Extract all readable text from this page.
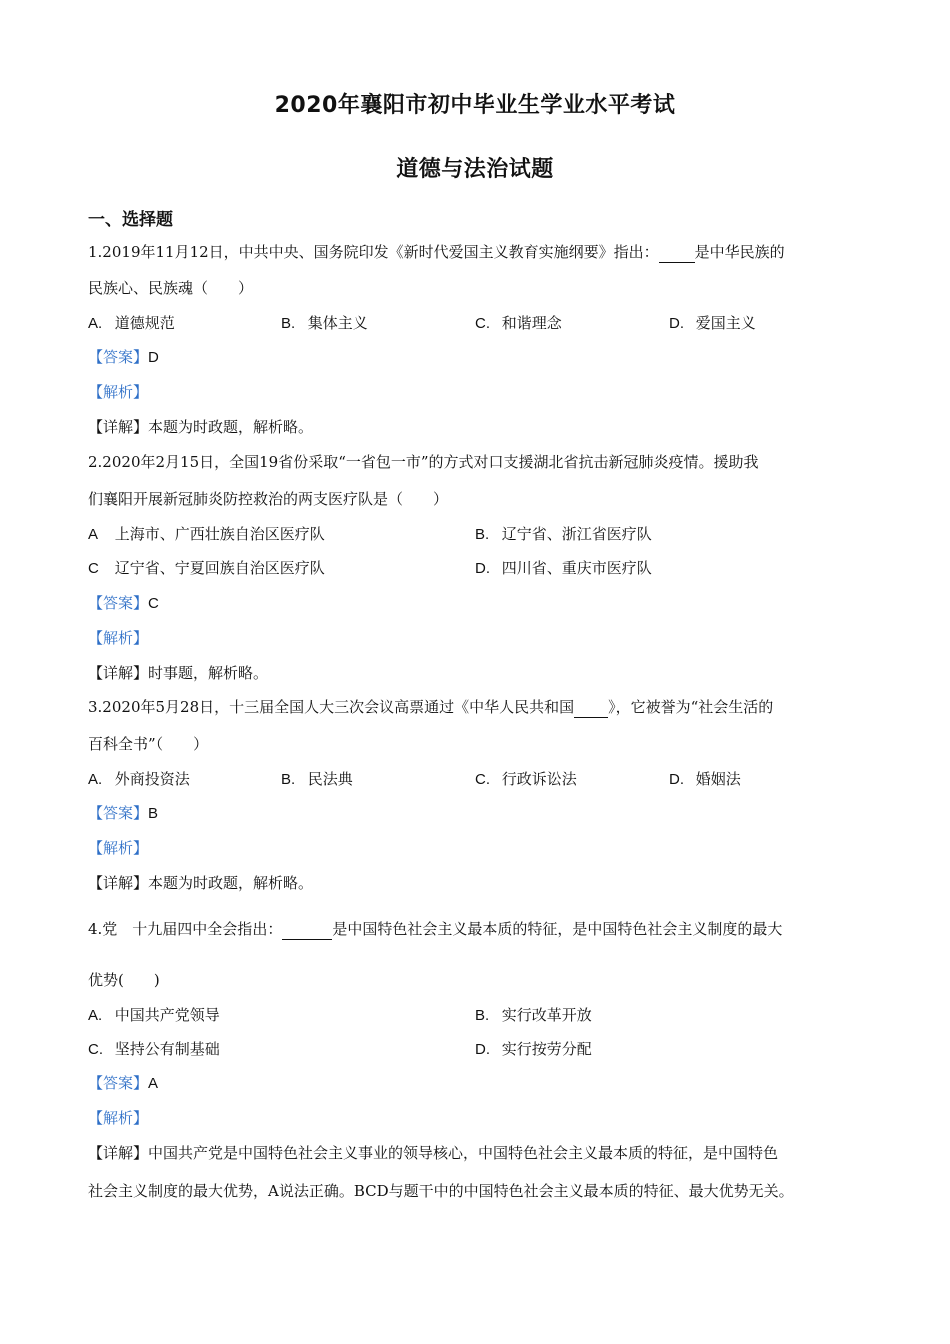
2020年襄阳市初中毕业生学业水平考试
道德与法治试题
一、选择题
1.2019年11月12日，中共中央、国务院印发《新时代爱国主义教育实施纲要》指出： 是中华民族的
民族心、民族魂（　　）
A. 道德规范	B. 集体主义	C. 和谐理念	D. 爱国主义
【答案】D
【解析】
【详解】本题为时政题，解析略。
2.2020年2月15日，全国19省份采取“一省包一市”的方式对口支援湖北省抗击新冠肺炎疫情。援助我
们襄阳开展新冠肺炎防控救治的两支医疗队是（　　）
A 上海市、广西壮族自治区医疗队	B. 辽宁省、浙江省医疗队
C 辽宁省、宁夏回族自治区医疗队	D. 四川省、重庆市医疗队
【答案】C
【解析】
【详解】时事题，解析略。
3.2020年5月28日，十三届全国人大三次会议高票通过《中华人民共和国 》，它被誉为“社会生活的
百科全书”（　　）
A. 外商投资法	B. 民法典	C. 行政诉讼法	D. 婚姻法
【答案】B
【解析】
【详解】本题为时政题，解析略。
4.党　十九届四中全会指出：	是中国特色社会主义最本质的特征，是中国特色社会主义制度的最大
优势(　　)
A. 中国共产党领导	B. 实行改革开放
C. 坚持公有制基础	D. 实行按劳分配
【答案】A
【解析】
【详解】中国共产党是中国特色社会主义事业的领导核心，中国特色社会主义最本质的特征，是中国特色
社会主义制度的最大优势，A说法正确。BCD与题干中的中国特色社会主义最本质的特征、最大优势无关。
